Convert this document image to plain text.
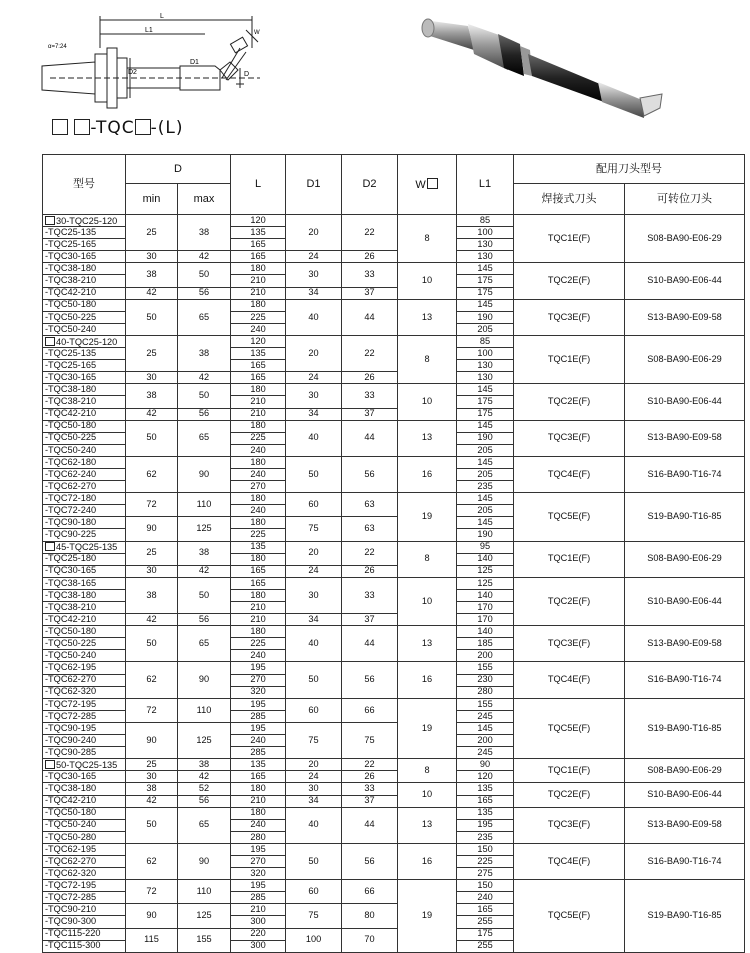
α=7:24
L
L1
D2
D1
D
W
-TQC -(L)
型号	D		L	D1	D2	W	L1	配用刀头型号	
	min	max						焊接式刀头	可转位刀头
30-TQC25-120	25	38	120	20	22	8	85	TQC1E(F)	S08-BA90-E06-29
-TQC25-135			135				100		
-TQC25-165			165				130		
-TQC30-165	30	42	165	24	26		130		
-TQC38-180	38	50	180	30	33	10	145	TQC2E(F)	S10-BA90-E06-44
-TQC38-210			210				175		
-TQC42-210	42	56	210	34	37		175		
-TQC50-180	50	65	180	40	44	13	145	TQC3E(F)	S13-BA90-E09-58
-TQC50-225			225				190		
-TQC50-240			240				205		
40-TQC25-120	25	38	120	20	22	8	85	TQC1E(F)	S08-BA90-E06-29
-TQC25-135			135				100		
-TQC25-165			165				130		
-TQC30-165	30	42	165	24	26		130		
-TQC38-180	38	50	180	30	33	10	145	TQC2E(F)	S10-BA90-E06-44
-TQC38-210			210				175		
-TQC42-210	42	56	210	34	37		175		
-TQC50-180	50	65	180	40	44	13	145	TQC3E(F)	S13-BA90-E09-58
-TQC50-225			225				190		
-TQC50-240			240				205		
-TQC62-180	62	90	180	50	56	16	145	TQC4E(F)	S16-BA90-T16-74
-TQC62-240			240				205		
-TQC62-270			270				235		
-TQC72-180	72	110	180	60	63	19	145	TQC5E(F)	S19-BA90-T16-85
-TQC72-240			240				205		
-TQC90-180	90	125	180	75	63		145		
-TQC90-225			225				190		
45-TQC25-135	25	38	135	20	22	8	95	TQC1E(F)	S08-BA90-E06-29
-TQC25-180			180				140		
-TQC30-165	30	42	165	24	26		125		
-TQC38-165	38	50	165	30	33	10	125	TQC2E(F)	S10-BA90-E06-44
-TQC38-180			180				140		
-TQC38-210			210				170		
-TQC42-210	42	56	210	34	37		170		
-TQC50-180	50	65	180	40	44	13	140	TQC3E(F)	S13-BA90-E09-58
-TQC50-225			225				185		
-TQC50-240			240				200		
-TQC62-195	62	90	195	50	56	16	155	TQC4E(F)	S16-BA90-T16-74
-TQC62-270			270				230		
-TQC62-320			320				280		
-TQC72-195	72	110	195	60	66	19	155	TQC5E(F)	S19-BA90-T16-85
-TQC72-285			285				245		
-TQC90-195	90	125	195	75	75		145		
-TQC90-240			240				200		
-TQC90-285			285				245		
50-TQC25-135	25	38	135	20	22	8	90	TQC1E(F)	S08-BA90-E06-29
-TQC30-165	30	42	165	24	26		120		
-TQC38-180	38	52	180	30	33	10	135	TQC2E(F)	S10-BA90-E06-44
-TQC42-210	42	56	210	34	37		165		
-TQC50-180	50	65	180	40	44	13	135	TQC3E(F)	S13-BA90-E09-58
-TQC50-240			240				195		
-TQC50-280			280				235		
-TQC62-195	62	90	195	50	56	16	150	TQC4E(F)	S16-BA90-T16-74
-TQC62-270			270				225		
-TQC62-320			320				275		
-TQC72-195	72	110	195	60	66	19	150	TQC5E(F)	S19-BA90-T16-85
-TQC72-285			285				240		
-TQC90-210	90	125	210	75	80		165		
-TQC90-300			300				255		
-TQC115-220	115	155	220	100	70		175		
-TQC115-300			300				255		
